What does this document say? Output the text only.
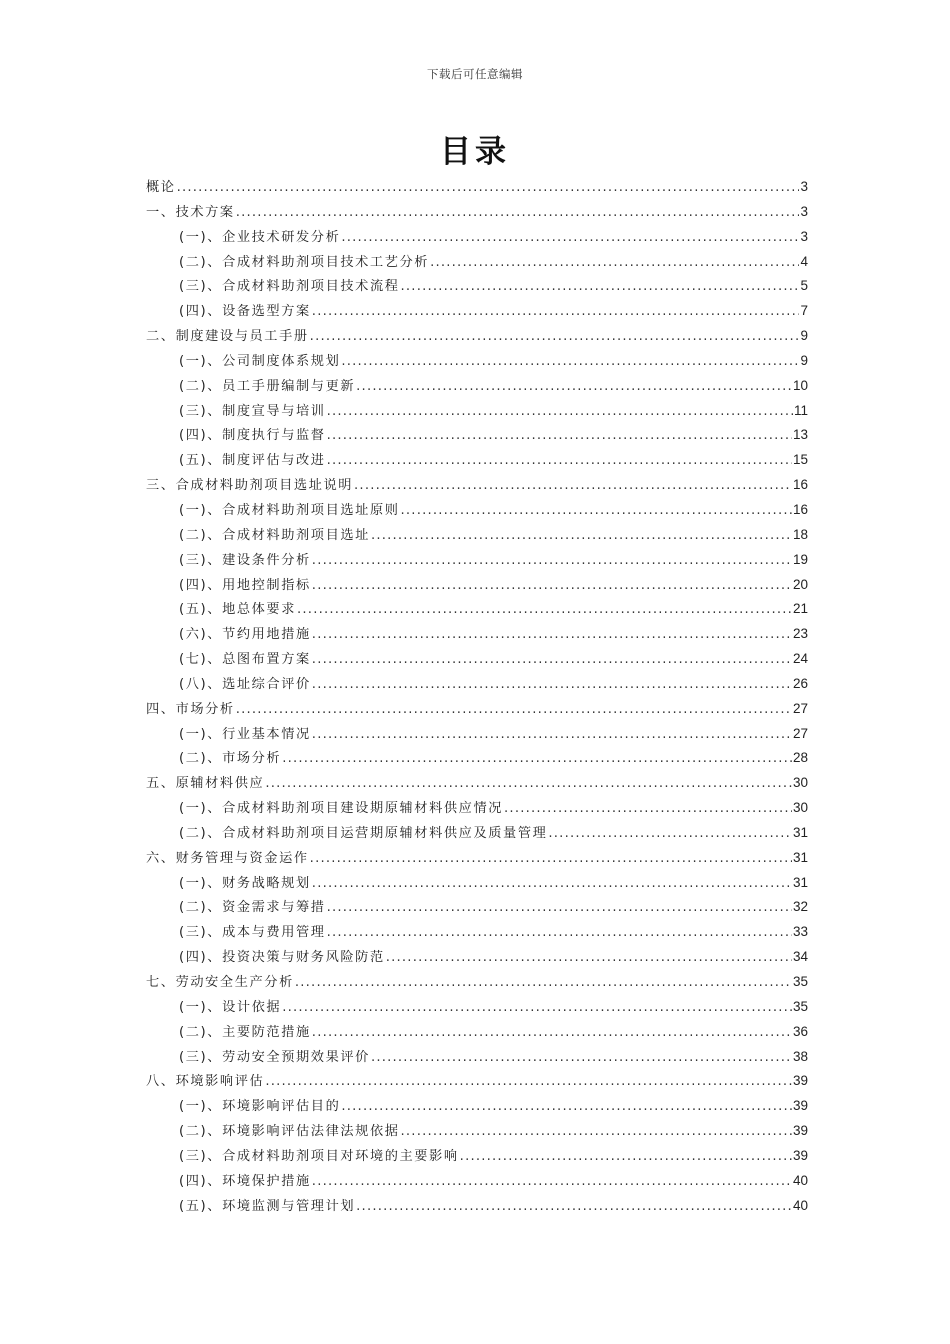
下载后可任意编辑
目录
概论 .....	3
一、技术方案 .....	3
(一)、企业技术研发分析 .....	3
(二)、合成材料助剂项目技术工艺分析 .....	4
(三)、合成材料助剂项目技术流程 .....	5
(四)、设备选型方案 .....	7
二、制度建设与员工手册 .....	9
(一)、公司制度体系规划 .....	9
(二)、员工手册编制与更新 .....	10
(三)、制度宣导与培训 .....	11
(四)、制度执行与监督 .....	13
(五)、制度评估与改进 .....	15
三、合成材料助剂项目选址说明 .....	16
(一)、合成材料助剂项目选址原则 .....	16
(二)、合成材料助剂项目选址 .....	18
(三)、建设条件分析 .....	19
(四)、用地控制指标 .....	20
(五)、地总体要求 .....	21
(六)、节约用地措施 .....	23
(七)、总图布置方案 .....	24
(八)、选址综合评价 .....	26
四、市场分析 .....	27
(一)、行业基本情况 .....	27
(二)、市场分析 .....	28
五、原辅材料供应 .....	30
(一)、合成材料助剂项目建设期原辅材料供应情况 .....	30
(二)、合成材料助剂项目运营期原辅材料供应及质量管理 .....	31
六、财务管理与资金运作 .....	31
(一)、财务战略规划 .....	31
(二)、资金需求与筹措 .....	32
(三)、成本与费用管理 .....	33
(四)、投资决策与财务风险防范 .....	34
七、劳动安全生产分析 .....	35
(一)、设计依据 .....	35
(二)、主要防范措施 .....	36
(三)、劳动安全预期效果评价 .....	38
八、环境影响评估 .....	39
(一)、环境影响评估目的 .....	39
(二)、环境影响评估法律法规依据 .....	39
(三)、合成材料助剂项目对环境的主要影响 .....	39
(四)、环境保护措施 .....	40
(五)、环境监测与管理计划 .....	40
